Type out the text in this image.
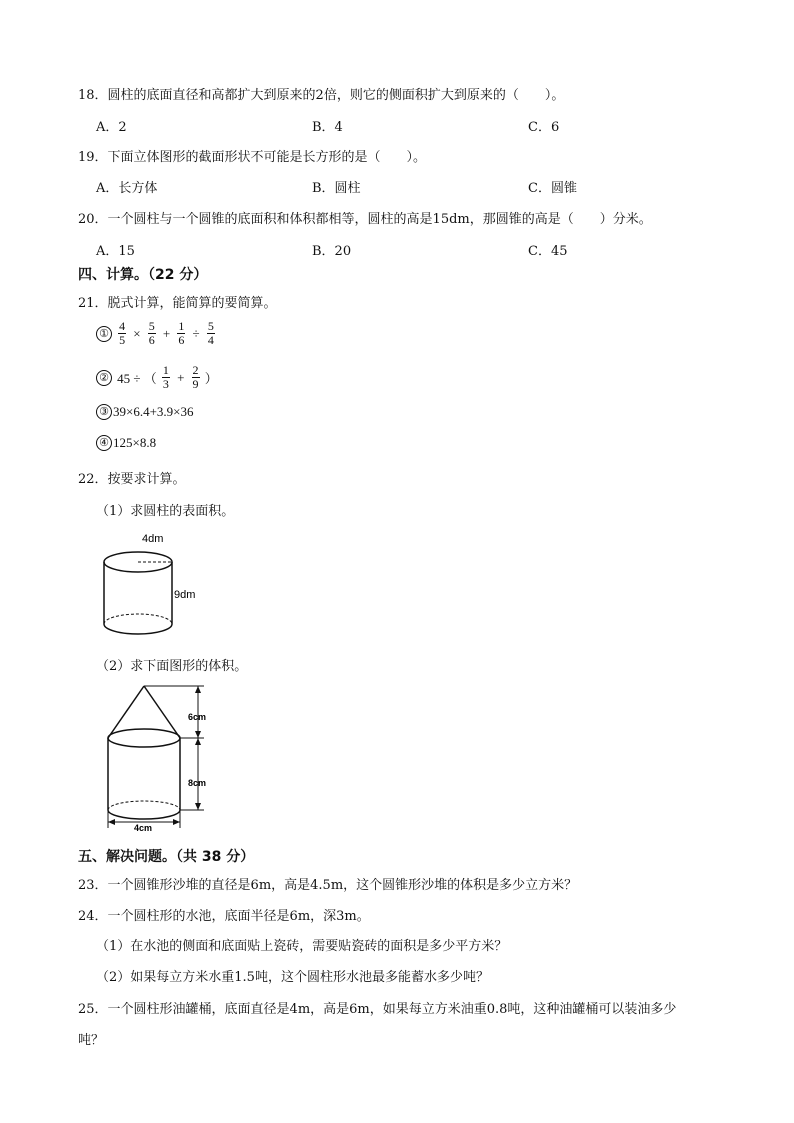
18．圆柱的底面直径和高都扩大到原来的2倍，则它的侧面积扩大到原来的（　　）。
A．2	B．4	C．6
19．下面立体图形的截面形状不可能是长方形的是（　　）。
A．长方体	B．圆柱	C．圆锥
20．一个圆柱与一个圆锥的底面积和体积都相等，圆柱的高是15dm，那圆锥的高是（　　）分米。
A．15	B．20	C．45
四、计算。（22 分）
21．脱式计算，能简算的要简算。
① $\frac{4}{5} \times \frac{5}{6} + \frac{1}{6} \div \frac{5}{4}$
② 45 ÷ （ $\frac{1}{3} + \frac{2}{9}$ ）
③ 39×6.4+3.9×36
④ 125×8.8
22．按要求计算。
（1）求圆柱的表面积。
4dm
9dm
（2）求下面图形的体积。
6cm
8cm
4cm
五、解决问题。（共 38 分）
23．一个圆锥形沙堆的直径是6m，高是4.5m，这个圆锥形沙堆的体积是多少立方米？
24．一个圆柱形的水池，底面半径是6m，深3m。
（1）在水池的侧面和底面贴上瓷砖，需要贴瓷砖的面积是多少平方米？
（2）如果每立方米水重1.5吨，这个圆柱形水池最多能蓄水多少吨？
25．一个圆柱形油罐桶，底面直径是4m，高是6m，如果每立方米油重0.8吨，这种油罐桶可以装油多少
吨？
